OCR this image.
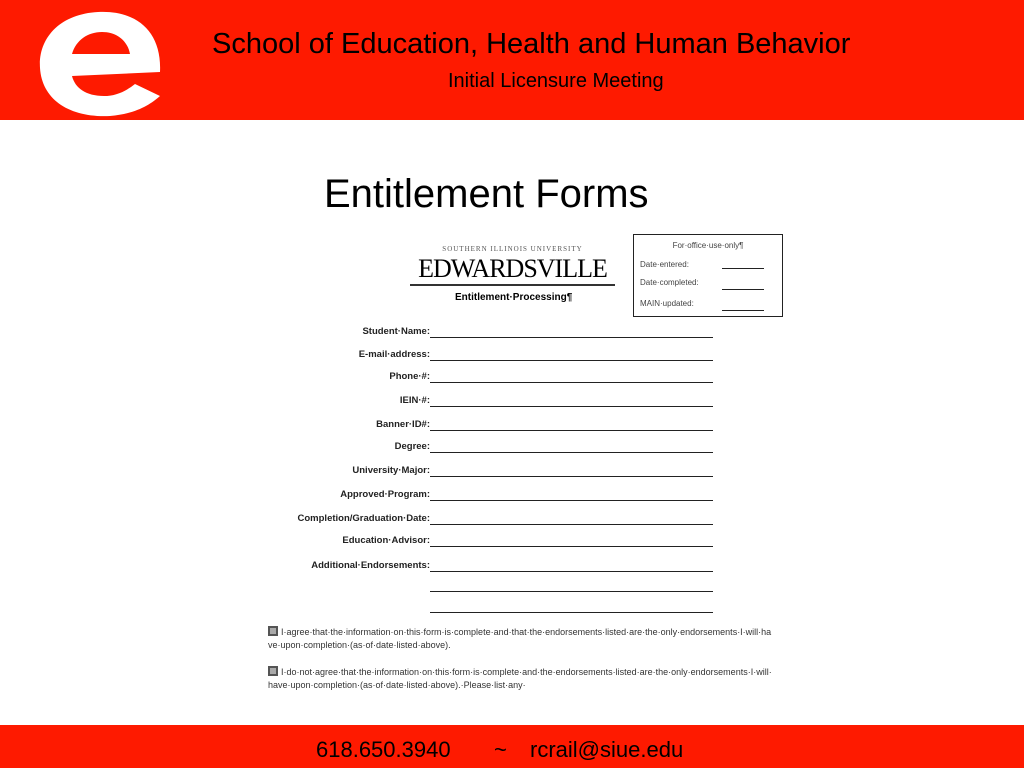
School of Education, Health and Human Behavior
Initial Licensure Meeting
Entitlement Forms
SOUTHERN ILLINOIS UNIVERSITY
EDWARDSVILLE
Entitlement·Processing¶
For·office·use·only¶
Date·entered:
Date·completed:
MAIN·updated:
Student·Name:
E-mail·address:
Phone·#:
IEIN·#:
Banner·ID#:
Degree:
University·Major:
Approved·Program:
Completion/Graduation·Date:
Education·Advisor:
Additional·Endorsements:
I·agree·that·the·information·on·this·form·is·complete·and·that·the·endorsements·listed·are·the·only·endorsements·I·will·have·upon·completion·(as·of·date·listed·above).
I·do·not·agree·that·the·information·on·this·form·is·complete·and·the·endorsements·listed·are·the·only·endorsements·I·will·have·upon·completion·(as·of·date·listed·above).·Please·list·any·
618.650.3940 ~ rcrail@siue.edu
